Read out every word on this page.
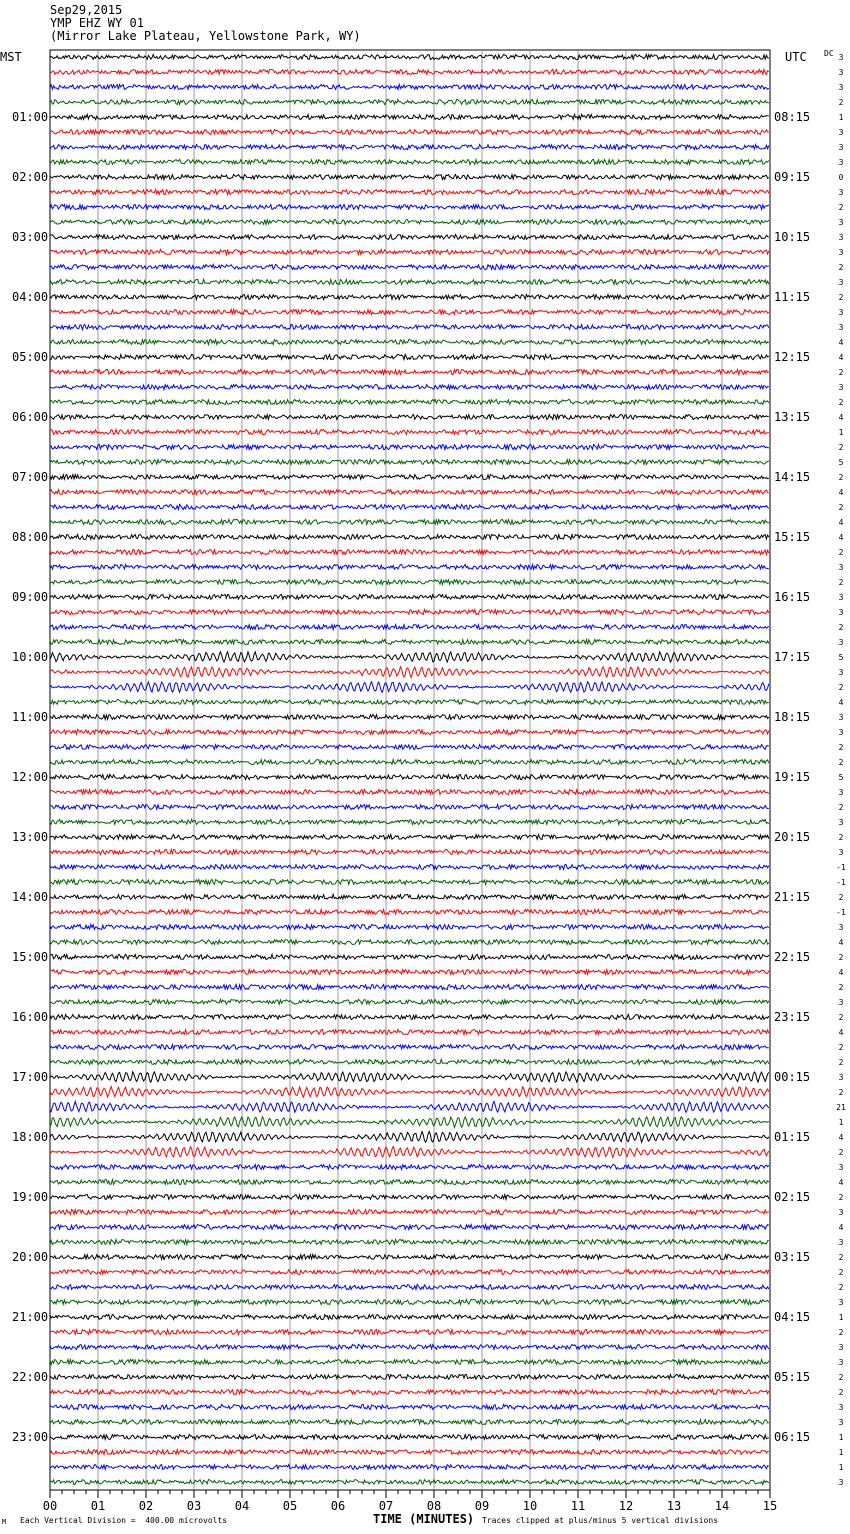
Sep29,2015
YMP EHZ WY 01
(Mirror Lake Plateau, Yellowstone Park, WY)
MST	UTC DC
01:00	08:15
02:00	09:15
03:00	10:15
04:00	11:15
05:00	12:15
06:00	13:15
07:00	14:15
08:00	15:15
09:00	16:15
10:00	17:15
11:00	18:15
12:00	19:15
13:00	20:15
14:00	21:15
15:00	22:15
16:00	23:15
17:00	00:15
18:00	01:15
19:00	02:15
20:00	03:15
21:00	04:15
22:00	05:15
23:00	06:15
3
3
3
2
1
3
3
3
0
3
2
3
3
3
2
3
2
3
3
4
4
2
3
2
4
1
2
5
2
4
2
4
4
2
3
2
3
3
2
3
5
3
2
4
3
3
2
2
5
3
2
3
2
3
-1
-1
2
-1
3
4
2
4
2
3
2
4
2
2
3
2
21
1
4
2
3
4
2
3
4
3
2
2
2
3
1
2
3
3
2
2
3
3
1
1
1
3
00	01	02	03	04	05	06	07	08	09	10	11	12	13	14	15
M Each Vertical Division =  400.00 microvolts	TIME (MINUTES) Traces clipped at plus/minus 5 vertical divisions
